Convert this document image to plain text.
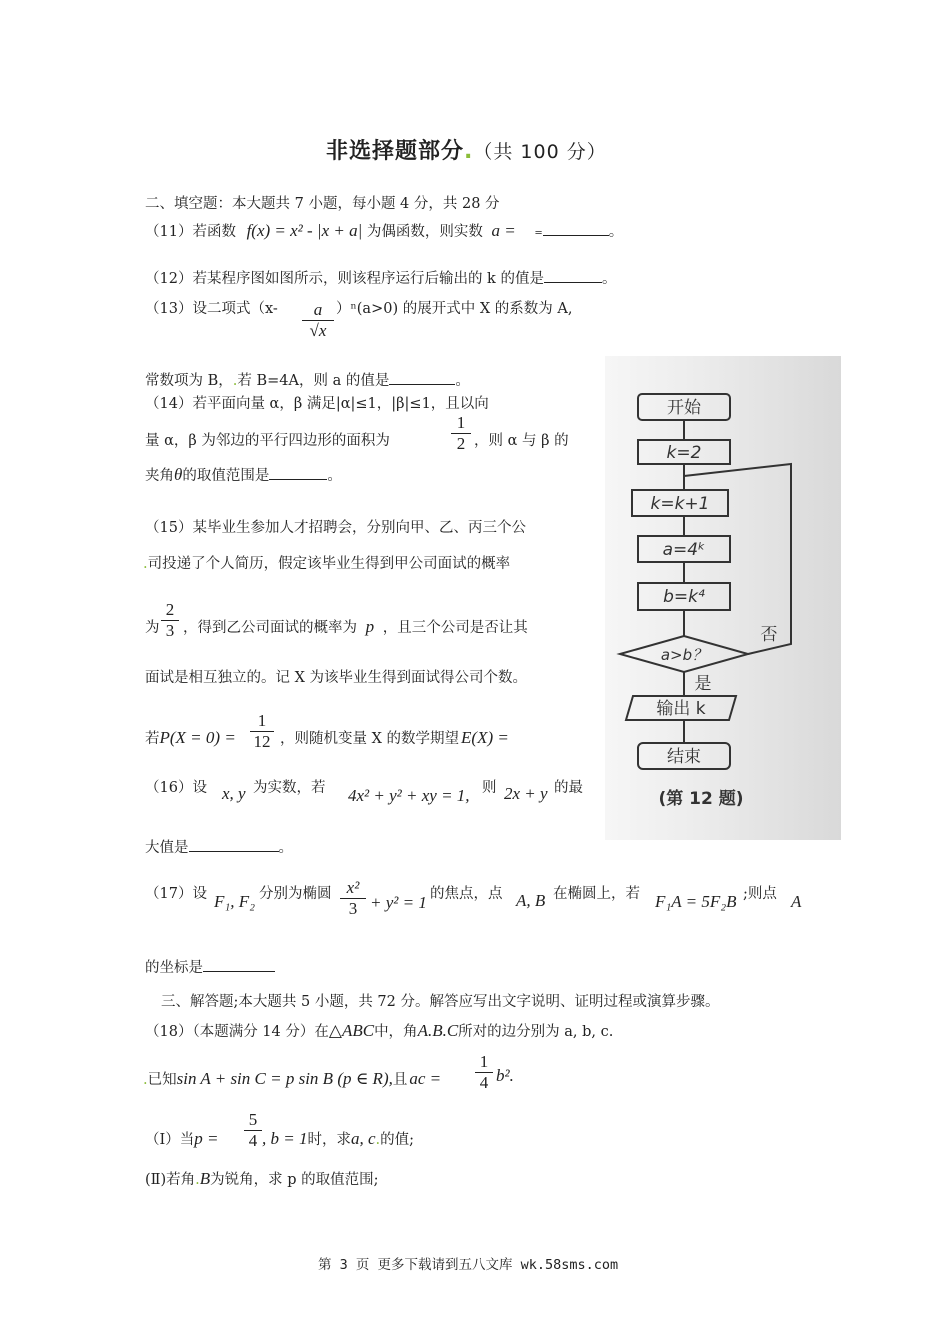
非选择题部分.（共 100 分）
二、填空题：本大题共 7 小题，每小题 4 分，共 28 分
（11）若函数 f(x) = x² - |x + a| 为偶函数，则实数 a = =	。
（12）若某程序图如图所示，则该程序运行后输出的 k 的值是	。
（13）设二项式$(x- \frac{a}{√x} )^n(a>0)$ 的展开式中 X 的系数为 A,
常数项为 B，.若 B=4A，则 a 的值是	。
（14）若平面向量 α，β 满足|α|≤1，|β|≤1，且以向
量 α，β 为邻边的平行四边形的面积为	$\frac{1}{2}$ ，则 α 与 β 的
夹角θ的取值范围是	。
（15）某毕业生参加人才招聘会，分别向甲、乙、丙三个公
.司投递了个人简历，假定该毕业生得到甲公司面试的概率
为 $\frac{2}{3}$ ，得到乙公司面试的概率为 p ，且三个公司是否让其
面试是相互独立的。记 X 为该毕业生得到面试得公司个数。
若$P(X = 0) = \frac{1}{12}$ ，则随机变量 X 的数学期望 E(X) =
（16）设 x, y 为实数，若 4x² + y² + xy = 1, 则 2x + y 的最
大值是	。
（17）设 F₁, F₂ 分别为椭圆 $\frac{\text{x²}}{3} + y^2 = 1$ 的焦点，点 A, B 在椭圆上，若 F₁A = 5F₂B ;则点 A
的坐标是
三、解答题;本大题共 5 小题，共 72 分。解答应写出文字说明、证明过程或演算步骤。
（18）（本题满分 14 分）在△ABC中，角A.B.C所对的边分别为 a, b, c.
.已知sin A + sin C = p sin B (p ∈ R),且 ac = $\frac{1}{4} b^2$.
（Ⅰ）当$p = \frac{5}{4}$ , b = 1时，求a, c.的值;
(Ⅱ)若角.B为锐角，求 p 的取值范围;
开始
k=2
k=k+1
a=4ᵏ
b=k⁴
a>b？
否
是
输出 k
结束
(第 12 题)
第 3 页 更多下载请到五八文库 wk.58sms.com
